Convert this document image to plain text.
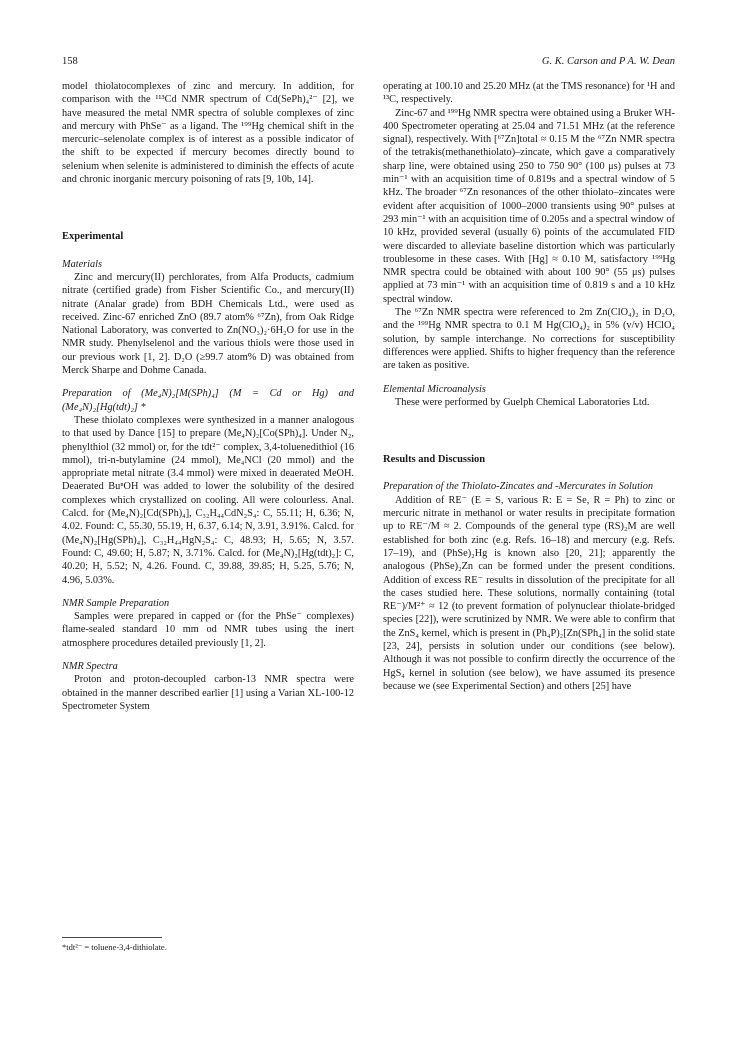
158	G. K. Carson and P A. W. Dean

model thiolatocomplexes of zinc and mercury. In addition, for comparison with the ¹¹³Cd NMR spectrum of Cd(SePh)₄²⁻ [2], we have measured the metal NMR spectra of soluble complexes of zinc and mercury with PhSe⁻ as a ligand. The ¹⁹⁹Hg chemical shift in the mercuric–selenolate complex is of interest as a possible indicator of the shift to be expected if mercury becomes directly bound to selenium when selenite is administered to diminish the effects of acute and chronic inorganic mercury poisoning of rats [9, 10b, 14].

Experimental

Materials

Zinc and mercury(II) perchlorates, from Alfa Products, cadmium nitrate (certified grade) from Fisher Scientific Co., and mercury(II) nitrate (Analar grade) from BDH Chemicals Ltd., were used as received. Zinc-67 enriched ZnO (89.7 atom% ⁶⁷Zn), from Oak Ridge National Laboratory, was converted to Zn(NO₃)₂·6H₂O for use in the NMR study. Phenylselenol and the various thiols were those used in our previous work [1, 2]. D₂O (≥99.7 atom% D) was obtained from Merck Sharpe and Dohme Canada.

Preparation of (Me₄N)₂[M(SPh)₄] (M = Cd or Hg) and (Me₄N)₂[Hg(tdt)₂] *

These thiolato complexes were synthesized in a manner analogous to that used by Dance [15] to prepare (Me₄N)₂[Co(SPh)₄]. Under N₂, phenylthiol (32 mmol) or, for the tdt²⁻ complex, 3,4-toluenedithiol (16 mmol), tri-n-butylamine (24 mmol), Me₄NCl (20 mmol) and the appropriate metal nitrate (3.4 mmol) were mixed in deaerated MeOH. Deaerated BuⁿOH was added to lower the solubility of the desired complexes which crystallized on cooling. All were colourless. Anal. Calcd. for (Me₄N)₂[Cd(SPh)₄], C₃₂H₄₄CdN₂S₄: C, 55.11; H, 6.36; N, 4.02. Found: C, 55.30, 55.19, H, 6.37, 6.14; N, 3.91, 3.91%. Calcd. for (Me₄N)₂[Hg(SPh)₄], C₃₂H₄₄HgN₂S₄: C, 48.93; H, 5.65; N, 3.57. Found: C, 49.60; H, 5.87; N, 3.71%. Calcd. for (Me₄N)₂[Hg(tdt)₂]: C, 40.20; H, 5.52; N, 4.26. Found. C, 39.88, 39.85; H, 5.25, 5.76; N, 4.96, 5.03%.

NMR Sample Preparation

Samples were prepared in capped or (for the PhSe⁻ complexes) flame-sealed standard 10 mm od NMR tubes using the inert atmosphere procedures detailed previously [1, 2].

NMR Spectra

Proton and proton-decoupled carbon-13 NMR spectra were obtained in the manner described earlier [1] using a Varian XL-100-12 Spectrometer System

operating at 100.10 and 25.20 MHz (at the TMS resonance) for ¹H and ¹³C, respectively.

Zinc-67 and ¹⁹⁹Hg NMR spectra were obtained using a Bruker WH-400 Spectrometer operating at 25.04 and 71.51 MHz (at the reference signal), respectively. With [⁶⁷Zn]total ≈ 0.15 M the ⁶⁷Zn NMR spectra of the tetrakis(methanethiolato)–zincate, which gave a comparatively sharp line, were obtained using 250 to 750 90° (100 μs) pulses at 73 min⁻¹ with an acquisition time of 0.819s and a spectral window of 5 kHz. The broader ⁶⁷Zn resonances of the other thiolato–zincates were evident after acquisition of 1000–2000 transients using 90° pulses at 293 min⁻¹ with an acquisition time of 0.205s and a spectral window of 10 kHz, provided several (usually 6) points of the accumulated FID were discarded to alleviate baseline distortion which was particularly troublesome in these cases. With [Hg] ≈ 0.10 M, satisfactory ¹⁹⁹Hg NMR spectra could be obtained with about 100 90° (55 μs) pulses applied at 73 min⁻¹ with an acquisition time of 0.819 s and a 10 kHz spectral window.

The ⁶⁷Zn NMR spectra were referenced to 2m Zn(ClO₄)₂ in D₂O, and the ¹⁹⁹Hg NMR spectra to 0.1 M Hg(ClO₄)₂ in 5% (v/v) HClO₄ solution, by sample interchange. No corrections for susceptibility differences were applied. Shifts to higher frequency than the reference are taken as positive.

Elemental Microanalysis

These were performed by Guelph Chemical Laboratories Ltd.

Results and Discussion

Preparation of the Thiolato-Zincates and -Mercurates in Solution

Addition of RE⁻ (E = S, various R: E = Se, R = Ph) to zinc or mercuric nitrate in methanol or water results in precipitate formation up to RE⁻/M ≈ 2. Compounds of the general type (RS)₂M are well established for both zinc (e.g. Refs. 16–18) and mercury (e.g. Refs. 17–19), and (PhSe)₂Hg is known also [20, 21]; apparently the analogous (PhSe)₂Zn can be formed under the present conditions. Addition of excess RE⁻ results in dissolution of the precipitate for all the cases studied here. These solutions, normally containing (total RE⁻)/M²⁺ ≈ 12 (to prevent formation of polynuclear thiolate-bridged species [22]), were scrutinized by NMR. We were able to confirm that the ZnS₄ kernel, which is present in (Ph₄P)₂[Zn(SPh₄] in the solid state [23, 24], persists in solution under our conditions (see below). Although it was not possible to confirm directly the occurrence of the HgS₄ kernel in solution (see below), we have assumed its presence because we (see Experimental Section) and others [25] have

*tdt²⁻ = toluene-3,4-dithiolate.
